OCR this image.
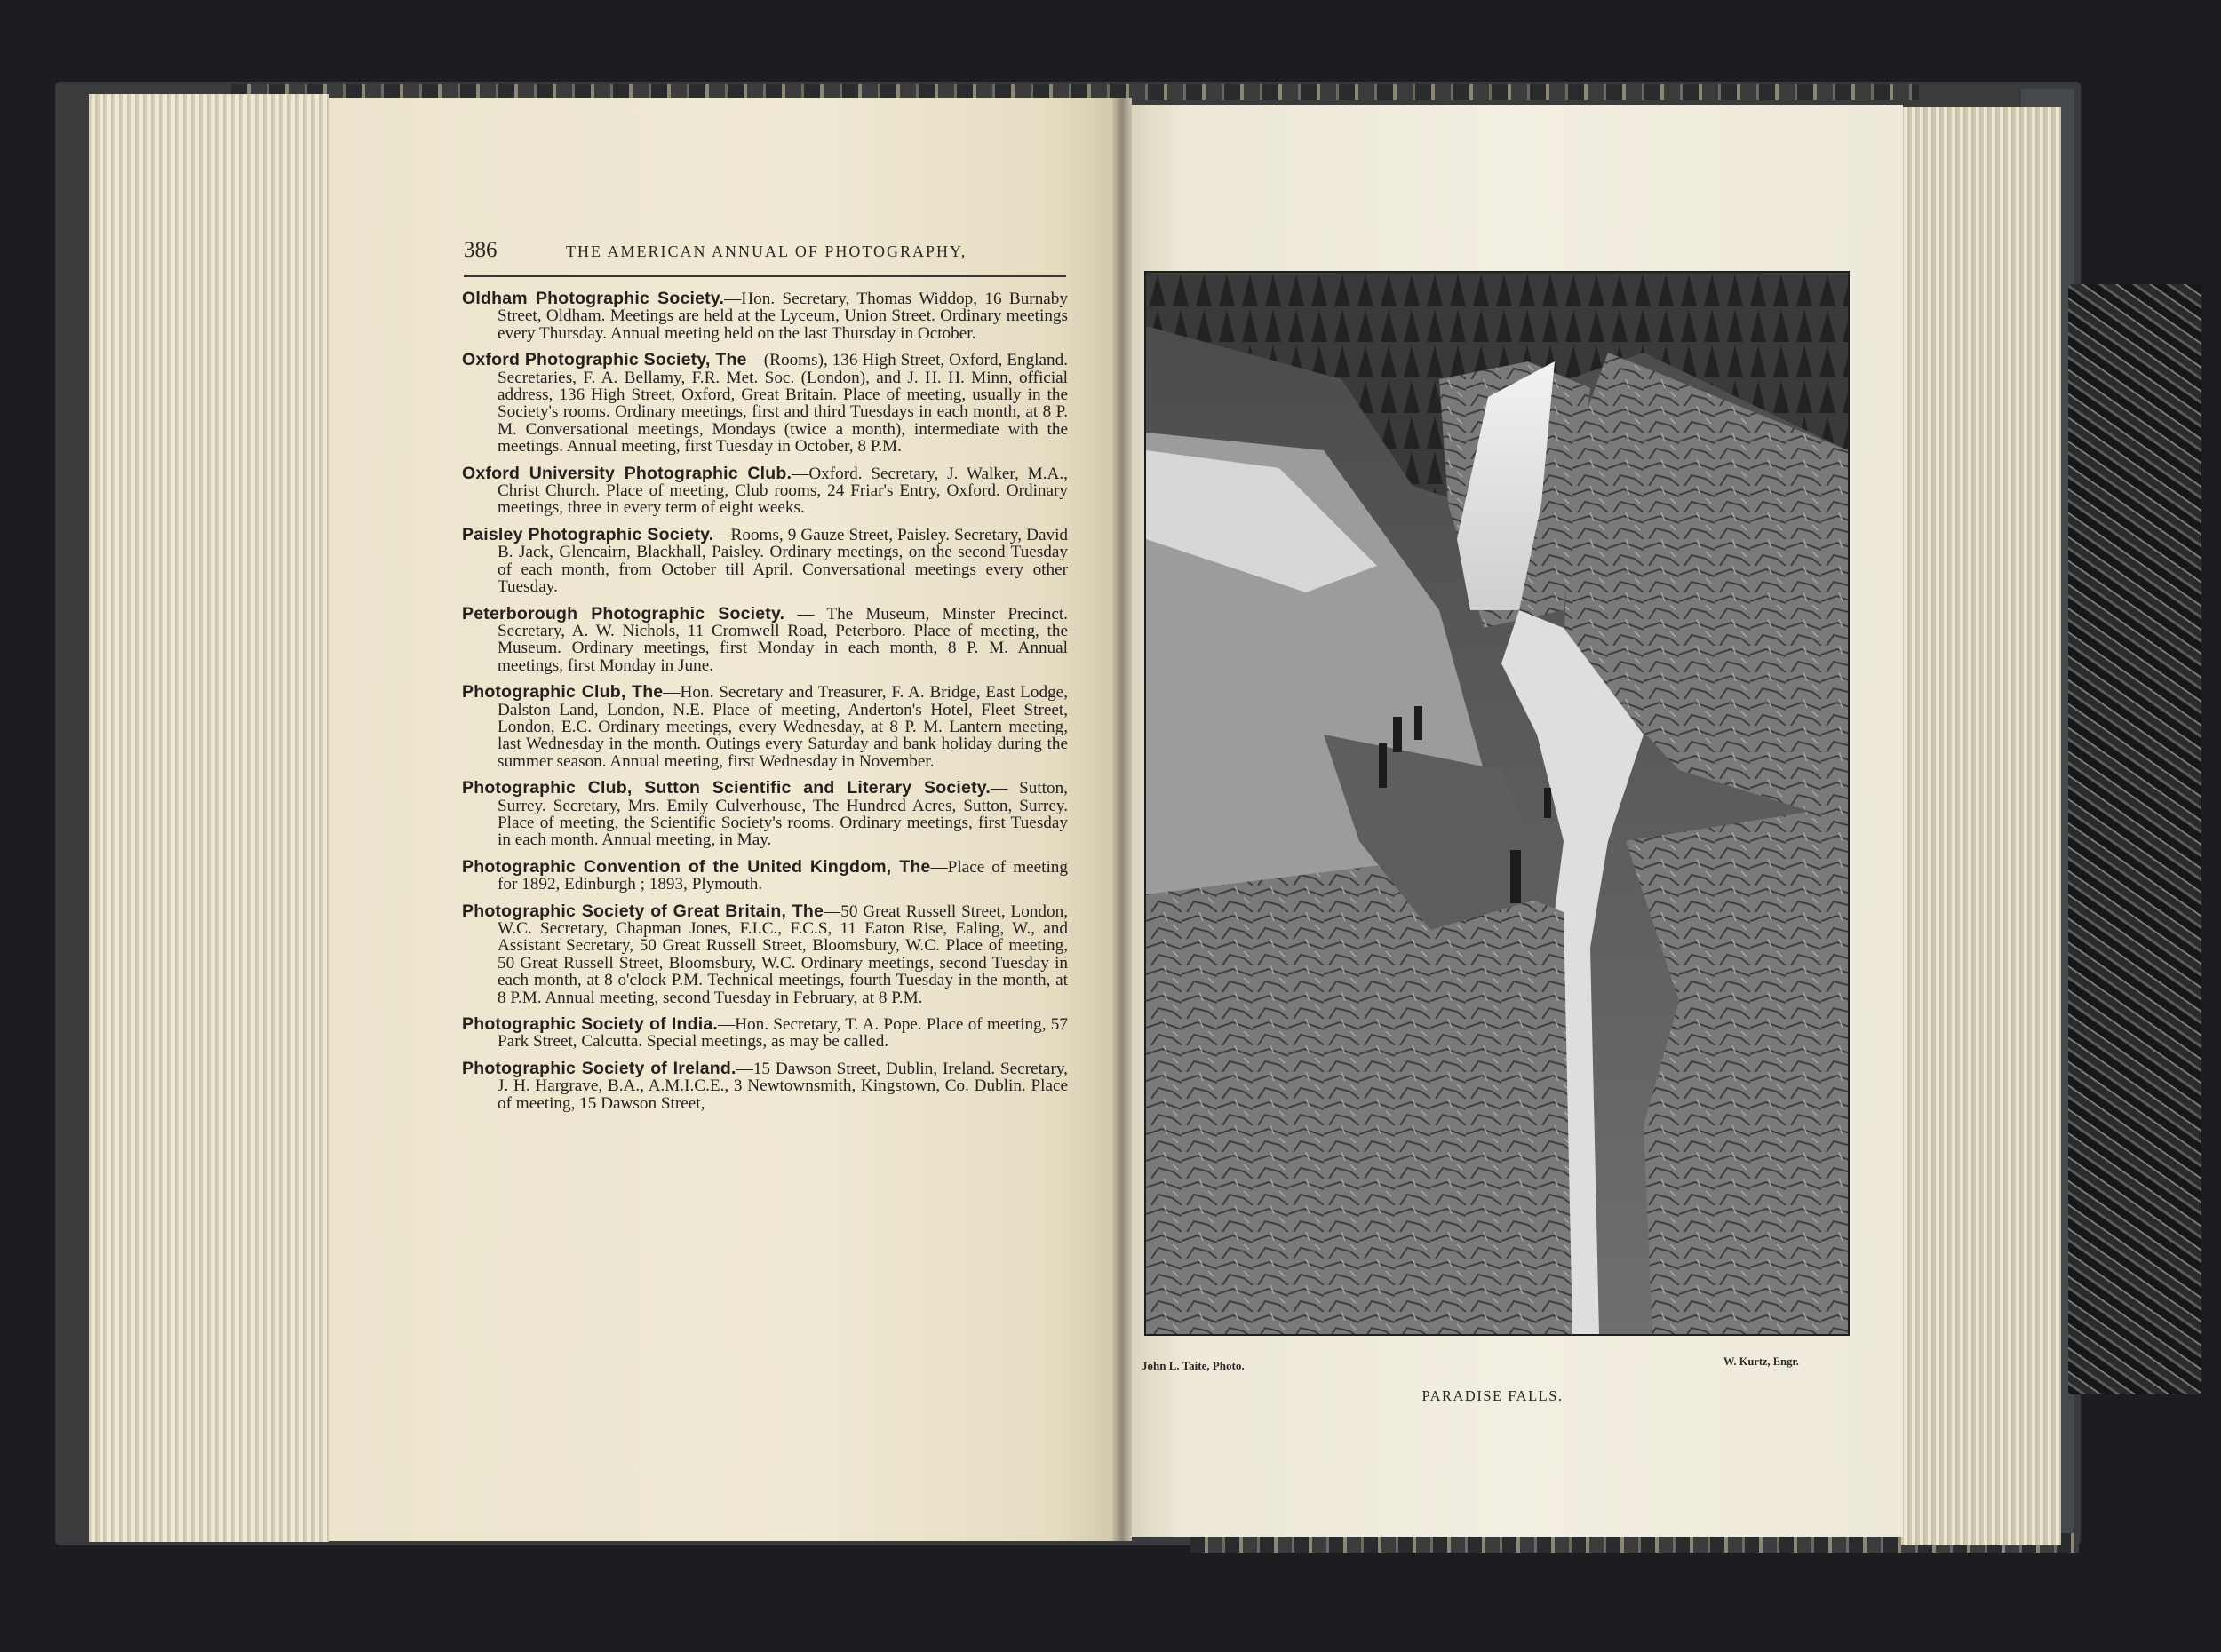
386	THE AMERICAN ANNUAL OF PHOTOGRAPHY,

Oldham Photographic Society.—Hon. Secretary, Thomas Widdop, 16 Burnaby Street, Oldham. Meetings are held at the Lyceum, Union Street. Ordinary meetings every Thursday. Annual meeting held on the last Thursday in October.

Oxford Photographic Society, The—(Rooms), 136 High Street, Oxford, England. Secretaries, F. A. Bellamy, F.R. Met. Soc. (London), and J. H. H. Minn, official address, 136 High Street, Oxford, Great Britain. Place of meeting, usually in the Society's rooms. Ordinary meetings, first and third Tuesdays in each month, at 8 P. M. Conversational meetings, Mondays (twice a month), intermediate with the meetings. Annual meeting, first Tuesday in October, 8 P.M.

Oxford University Photographic Club.—Oxford. Secretary, J. Walker, M.A., Christ Church. Place of meeting, Club rooms, 24 Friar's Entry, Oxford. Ordinary meetings, three in every term of eight weeks.

Paisley Photographic Society.—Rooms, 9 Gauze Street, Paisley. Secretary, David B. Jack, Glencairn, Blackhall, Paisley. Ordinary meetings, on the second Tuesday of each month, from October till April. Conversational meetings every other Tuesday.

Peterborough Photographic Society. — The Museum, Minster Precinct. Secretary, A. W. Nichols, 11 Cromwell Road, Peterboro. Place of meeting, the Museum. Ordinary meetings, first Monday in each month, 8 P. M. Annual meetings, first Monday in June.

Photographic Club, The—Hon. Secretary and Treasurer, F. A. Bridge, East Lodge, Dalston Land, London, N.E. Place of meeting, Anderton's Hotel, Fleet Street, London, E.C. Ordinary meetings, every Wednesday, at 8 P. M. Lantern meeting, last Wednesday in the month. Outings every Saturday and bank holiday during the summer season. Annual meeting, first Wednesday in November.

Photographic Club, Sutton Scientific and Literary Society.— Sutton, Surrey. Secretary, Mrs. Emily Culverhouse, The Hundred Acres, Sutton, Surrey. Place of meeting, the Scientific Society's rooms. Ordinary meetings, first Tuesday in each month. Annual meeting, in May.

Photographic Convention of the United Kingdom, The—Place of meeting for 1892, Edinburgh ; 1893, Plymouth.

Photographic Society of Great Britain, The—50 Great Russell Street, London, W.C. Secretary, Chapman Jones, F.I.C., F.C.S, 11 Eaton Rise, Ealing, W., and Assistant Secretary, 50 Great Russell Street, Bloomsbury, W.C. Place of meeting, 50 Great Russell Street, Bloomsbury, W.C. Ordinary meetings, second Tuesday in each month, at 8 o'clock P.M. Technical meetings, fourth Tuesday in the month, at 8 P.M. Annual meeting, second Tuesday in February, at 8 P.M.

Photographic Society of India.—Hon. Secretary, T. A. Pope. Place of meeting, 57 Park Street, Calcutta. Special meetings, as may be called.

Photographic Society of Ireland.—15 Dawson Street, Dublin, Ireland. Secretary, J. H. Hargrave, B.A., A.M.I.C.E., 3 Newtownsmith, Kingstown, Co. Dublin. Place of meeting, 15 Dawson Street,

John L. Taite, Photo.	W. Kurtz, Engr.
PARADISE FALLS.
